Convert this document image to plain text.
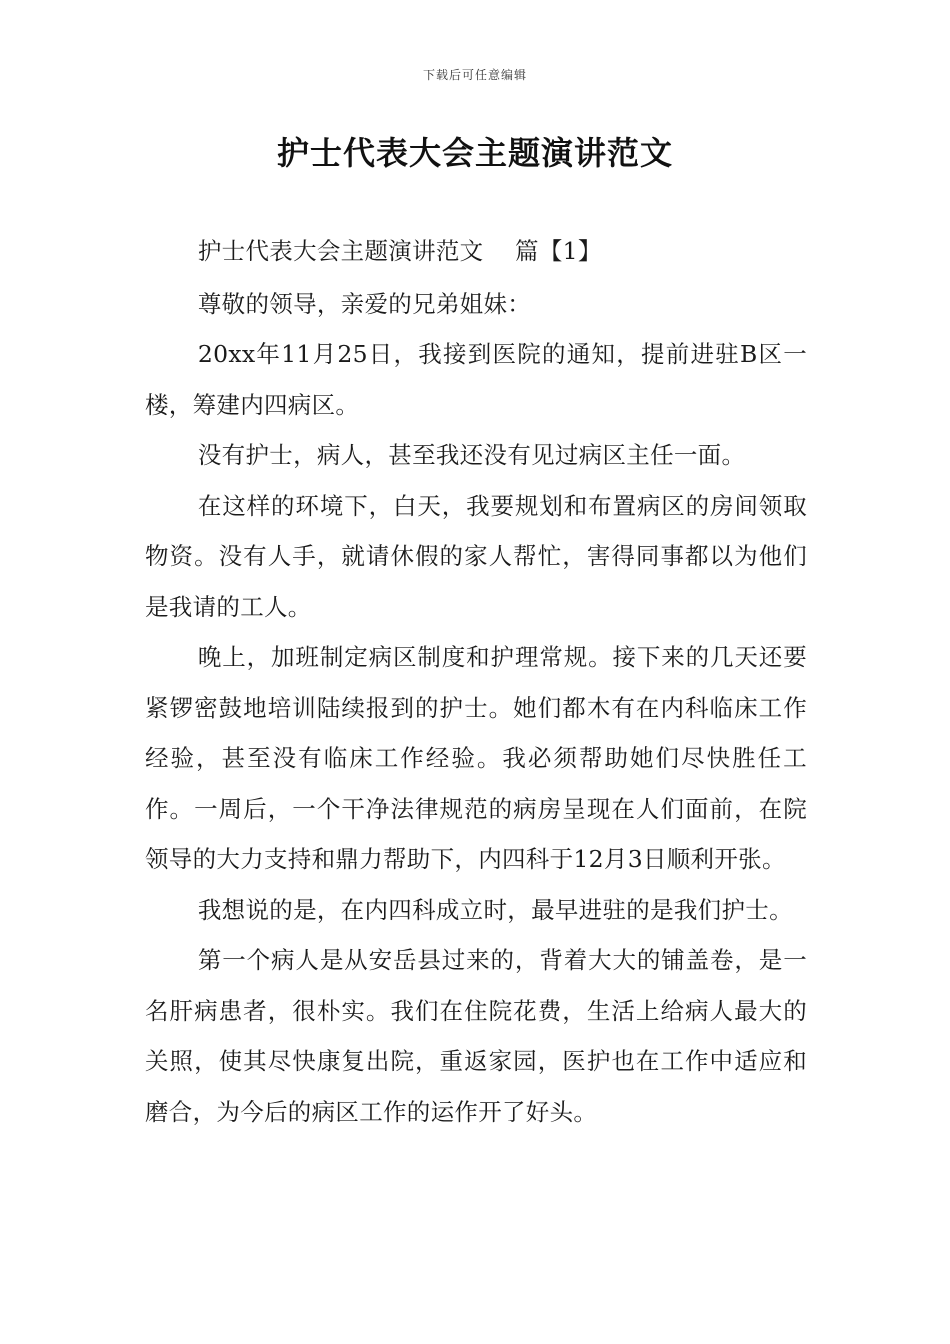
下载后可任意编辑
护士代表大会主题演讲范文

护士代表大会主题演讲范文　 篇【1】

尊敬的领导，亲爱的兄弟姐妹：

20xx年11月25日，我接到医院的通知，提前进驻B区一楼，筹建内四病区。

没有护士，病人，甚至我还没有见过病区主任一面。

在这样的环境下，白天，我要规划和布置病区的房间领取物资。没有人手，就请休假的家人帮忙，害得同事都以为他们是我请的工人。

晚上，加班制定病区制度和护理常规。接下来的几天还要紧锣密鼓地培训陆续报到的护士。她们都木有在内科临床工作经验，甚至没有临床工作经验。我必须帮助她们尽快胜任工作。一周后，一个干净法律规范的病房呈现在人们面前，在院领导的大力支持和鼎力帮助下，内四科于12月3日顺利开张。

我想说的是，在内四科成立时，最早进驻的是我们护士。

第一个病人是从安岳县过来的，背着大大的铺盖卷，是一名肝病患者，很朴实。我们在住院花费，生活上给病人最大的关照，使其尽快康复出院，重返家园，医护也在工作中适应和磨合，为今后的病区工作的运作开了好头。
